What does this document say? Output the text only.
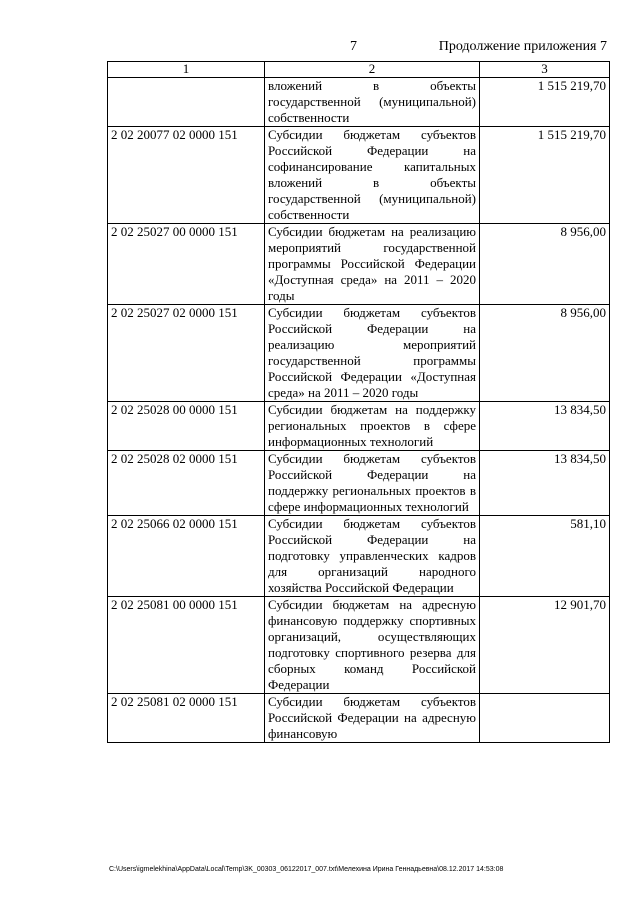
7	Продолжение приложения 7
1	2	3
	вложений в объекты государственной (муниципальной) собственности	1 515 219,70
2 02 20077 02 0000 151	Субсидии бюджетам субъектов Российской Федерации на софинансирование капитальных вложений в объекты государственной (муниципальной) собственности	1 515 219,70
2 02 25027 00 0000 151	Субсидии бюджетам на реализацию мероприятий государственной программы Российской Федерации «Доступная среда» на 2011 – 2020 годы	8 956,00
2 02 25027 02 0000 151	Субсидии бюджетам субъектов Российской Федерации на реализацию мероприятий государственной программы Российской Федерации «Доступная среда» на 2011 – 2020 годы	8 956,00
2 02 25028 00 0000 151	Субсидии бюджетам на поддержку региональных проектов в сфере информационных технологий	13 834,50
2 02 25028 02 0000 151	Субсидии бюджетам субъектов Российской Федерации на поддержку региональных проектов в сфере информационных технологий	13 834,50
2 02 25066 02 0000 151	Субсидии бюджетам субъектов Российской Федерации на подготовку управленческих кадров для организаций народного хозяйства Российской Федерации	581,10
2 02 25081 00 0000 151	Субсидии бюджетам на адресную финансовую поддержку спортивных организаций, осуществляющих подготовку спортивного резерва для сборных команд Российской Федерации	12 901,70
2 02 25081 02 0000 151	Субсидии бюджетам субъектов Российской Федерации на адресную финансовую	
C:\Users\igmelekhina\AppData\Local\Temp\3K_00303_06122017_007.txt\Мелехина Ирина Геннадьевна\08.12.2017 14:53:08
